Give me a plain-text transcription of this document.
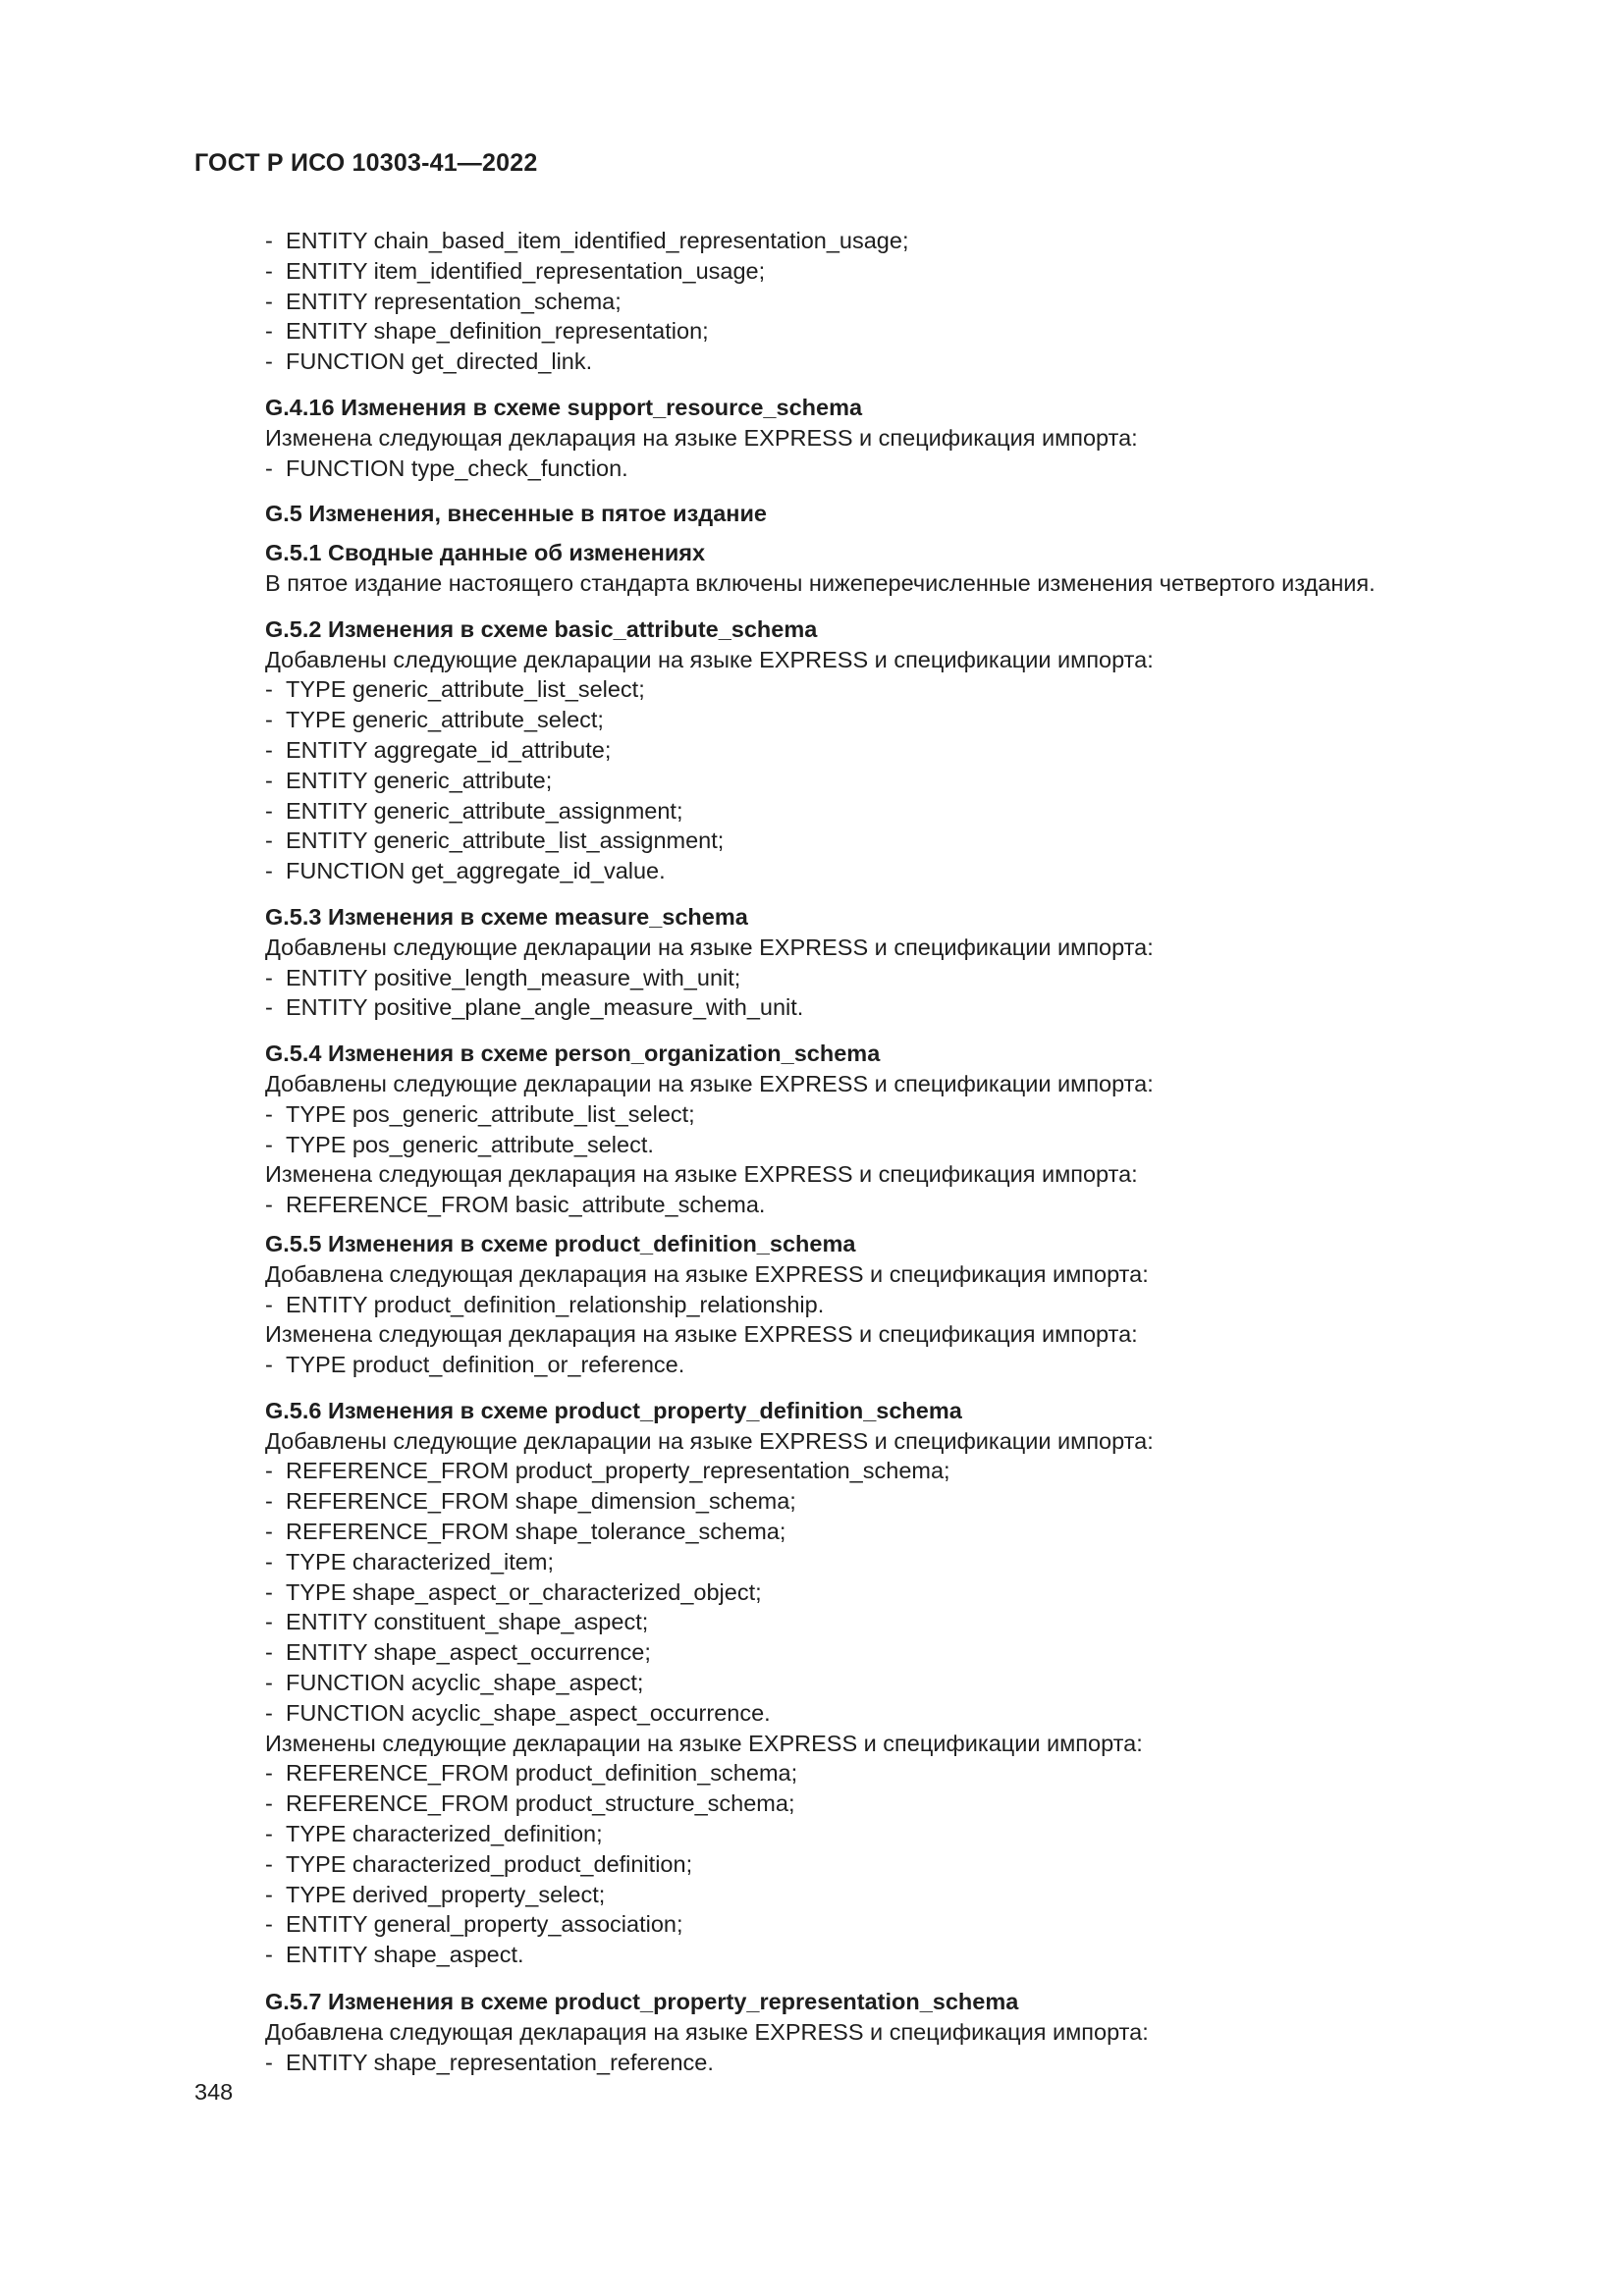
ГОСТ Р ИСО 10303-41—2022
- ENTITY chain_based_item_identified_representation_usage;
- ENTITY item_identified_representation_usage;
- ENTITY representation_schema;
- ENTITY shape_definition_representation;
- FUNCTION get_directed_link.
G.4.16 Изменения в схеме support_resource_schema
Изменена следующая декларация на языке EXPRESS и спецификация импорта:
- FUNCTION type_check_function.
G.5 Изменения, внесенные в пятое издание
G.5.1 Сводные данные об изменениях
В пятое издание настоящего стандарта включены нижеперечисленные изменения четвертого издания.
G.5.2 Изменения в схеме basic_attribute_schema
Добавлены следующие декларации на языке EXPRESS и спецификации импорта:
- TYPE generic_attribute_list_select;
- TYPE generic_attribute_select;
- ENTITY aggregate_id_attribute;
- ENTITY generic_attribute;
- ENTITY generic_attribute_assignment;
- ENTITY generic_attribute_list_assignment;
- FUNCTION get_aggregate_id_value.
G.5.3 Изменения в схеме measure_schema
Добавлены следующие декларации на языке EXPRESS и спецификации импорта:
- ENTITY positive_length_measure_with_unit;
- ENTITY positive_plane_angle_measure_with_unit.
G.5.4 Изменения в схеме person_organization_schema
Добавлены следующие декларации на языке EXPRESS и спецификации импорта:
- TYPE pos_generic_attribute_list_select;
- TYPE pos_generic_attribute_select.
Изменена следующая декларация на языке EXPRESS и спецификация импорта:
- REFERENCE_FROM basic_attribute_schema.
G.5.5 Изменения в схеме product_definition_schema
Добавлена следующая декларация на языке EXPRESS и спецификация импорта:
- ENTITY product_definition_relationship_relationship.
Изменена следующая декларация на языке EXPRESS и спецификация импорта:
- TYPE product_definition_or_reference.
G.5.6 Изменения в схеме product_property_definition_schema
Добавлены следующие декларации на языке EXPRESS и спецификации импорта:
- REFERENCE_FROM product_property_representation_schema;
- REFERENCE_FROM shape_dimension_schema;
- REFERENCE_FROM shape_tolerance_schema;
- TYPE characterized_item;
- TYPE shape_aspect_or_characterized_object;
- ENTITY constituent_shape_aspect;
- ENTITY shape_aspect_occurrence;
- FUNCTION acyclic_shape_aspect;
- FUNCTION acyclic_shape_aspect_occurrence.
Изменены следующие декларации на языке EXPRESS и спецификации импорта:
- REFERENCE_FROM product_definition_schema;
- REFERENCE_FROM product_structure_schema;
- TYPE characterized_definition;
- TYPE characterized_product_definition;
- TYPE derived_property_select;
- ENTITY general_property_association;
- ENTITY shape_aspect.
G.5.7 Изменения в схеме product_property_representation_schema
Добавлена следующая декларация на языке EXPRESS и спецификация импорта:
- ENTITY shape_representation_reference.
348
